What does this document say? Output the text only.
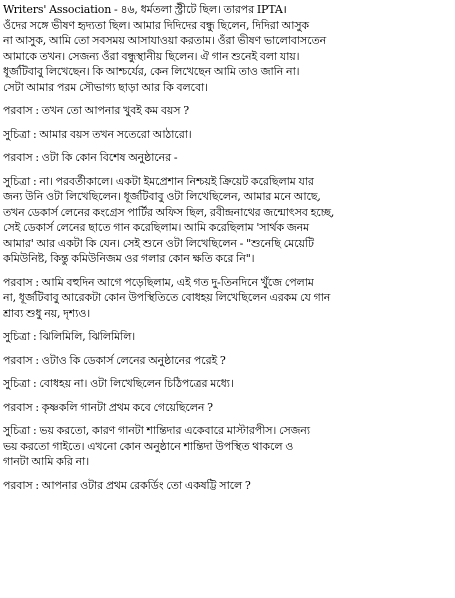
Writers' Association - ৪৬, ধর্মতলা স্ট্রীটে ছিল। তারপর IPTA।
ওঁদের সঙ্গে ভীষণ হৃদ্যতা ছিল। আমার দিদিদের বন্ধু ছিলেন, দিদিরা আসুক
না আসুক, আমি তো সবসময় আসাযাওয়া করতাম। ওঁরা ভীষণ ভালোবাসতেন
আমাকে তখন। সেজন্য ওঁরা বন্ধুস্থানীয় ছিলেন। ঐ গান শুনেই বলা যায়।
ধূর্জটিবাবু লিখেছেন। কি আশ্চর্যের, কেন লিখেছেন আমি তাও জানি না।
সেটা আমার পরম সৌভাগ্য ছাড়া আর কি বলবো।
পরবাস : তখন তো আপনার খুবই কম বয়স ?
সুচিত্রা : আমার বয়স তখন সতেরো আঠারো।
পরবাস : ওটা কি কোন বিশেষ অনুষ্ঠানের -
সুচিত্রা : না। পরবর্তীকালে। একটা ইমপ্রেশান নিশ্চয়ই ক্রিয়েট করেছিলাম যার
জন্য উনি ওটা লিখেছিলেন। ধূর্জটিবাবু ওটা লিখেছিলেন, আমার মনে আছে,
তখন ডেকার্স লেনের কংগ্রেস পার্টির অফিস ছিল, রবীন্দ্রনাথের জন্মোৎসব হচ্ছে,
সেই ডেকার্স লেনের ছাতে গান করেছিলাম। আমি করেছিলাম 'সার্থক জনম
আমার' আর একটা কি যেন। সেই শুনে ওটা লিখেছিলেন - "শুনেছি মেয়েটি
কমিউনিষ্ট, কিন্তু কমিউনিজম ওর গলার কোন ক্ষতি করে নি"।
পরবাস : আমি বহুদিন আগে পড়েছিলাম, এই গত দু-তিনদিনে খুঁজে পেলাম
না, ধূর্জটিবাবু আরেকটা কোন উপস্থিতিতে বোধহয় লিখেছিলেন এরকম যে গান
শ্রাব্য শুধু নয়, দৃশ্যও।
সুচিত্রা : ঝিলিমিলি, ঝিলিমিলি।
পরবাস : ওটাও কি ডেকার্স লেনের অনুষ্ঠানের পরেই ?
সুচিত্রা : বোধহয় না। ওটা লিখেছিলেন চিঠিপত্রের মধ্যে।
পরবাস : কৃষ্ণকলি গানটা প্রথম কবে গেয়েছিলেন ?
সুচিত্রা : ভয় করতো, কারণ গানটা শান্তিদার একেবারে মাস্টারপীস। সেজন্য
ভয় করতো গাইতে। এখনো কোন অনুষ্ঠানে শান্তিদা উপস্থিত থাকলে ও
গানটা আমি করি না।
পরবাস : আপনার ওটার প্রথম রেকর্ডিং তো একষট্টি সালে ?
